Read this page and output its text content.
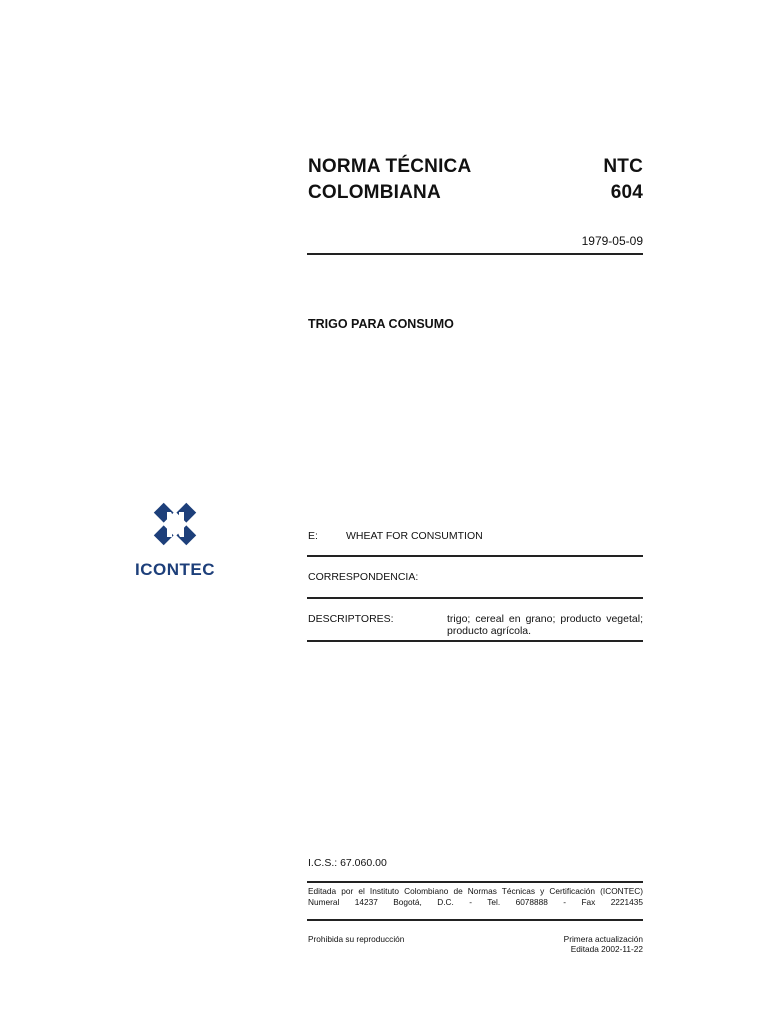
NORMA TÉCNICA
COLOMBIANA
NTC
604
1979-05-09
TRIGO PARA CONSUMO
ICONTEC
E:	WHEAT FOR CONSUMTION
CORRESPONDENCIA:
DESCRIPTORES:	trigo; cereal en grano; producto vegetal; producto agrícola.
I.C.S.: 67.060.00
Editada por el Instituto Colombiano de Normas Técnicas y Certificación (ICONTEC)
Numeral 14237 Bogotá, D.C. - Tel. 6078888 - Fax 2221435
Prohibida su reproducción	Primera actualización
Editada 2002-11-22
